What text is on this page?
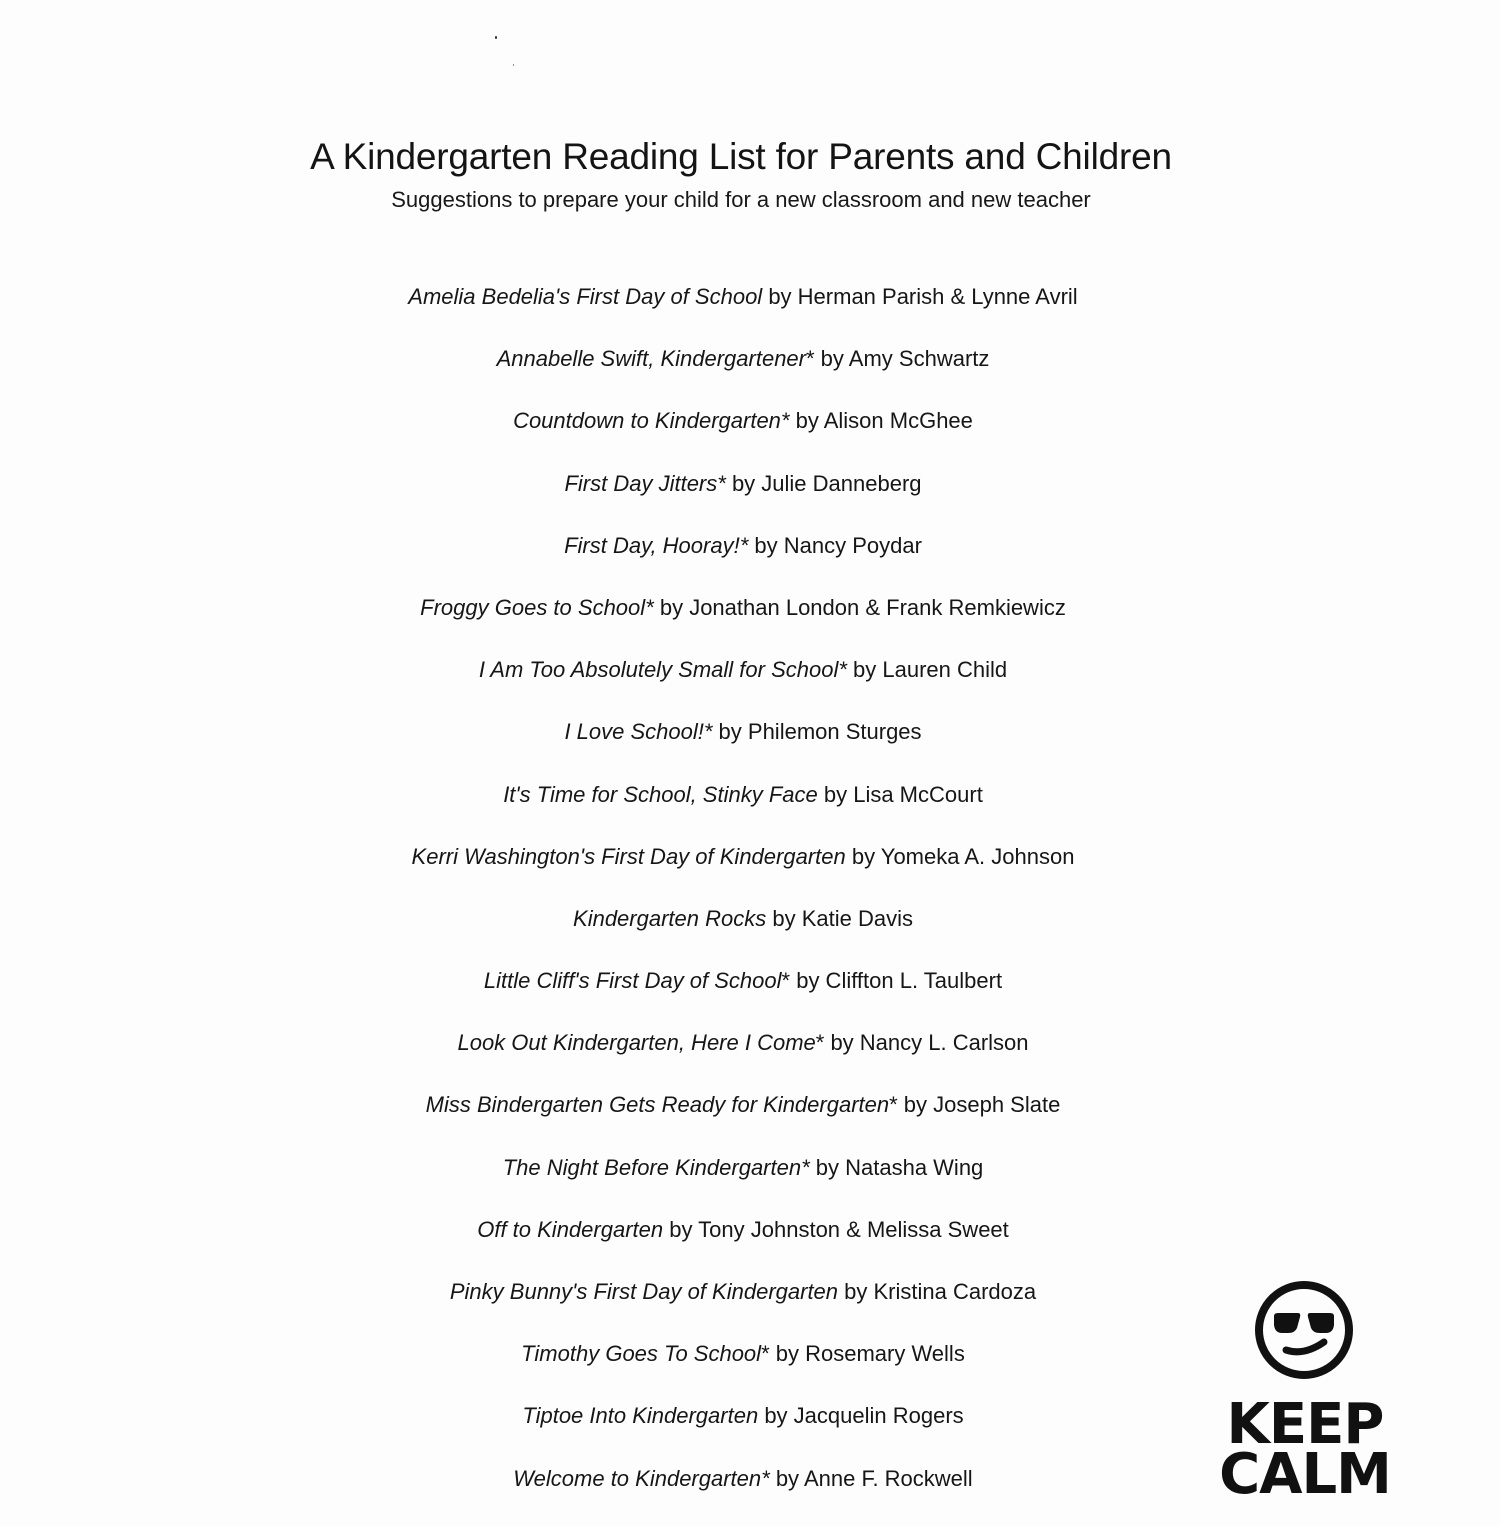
A Kindergarten Reading List for Parents and Children
Suggestions to prepare your child for a new classroom and new teacher
Amelia Bedelia's First Day of School by Herman Parish & Lynne Avril
Annabelle Swift, Kindergartener* by Amy Schwartz
Countdown to Kindergarten* by Alison McGhee
First Day Jitters* by Julie Danneberg
First Day, Hooray!* by Nancy Poydar
Froggy Goes to School* by Jonathan London & Frank Remkiewicz
I Am Too Absolutely Small for School* by Lauren Child
I Love School!* by Philemon Sturges
It's Time for School, Stinky Face by Lisa McCourt
Kerri Washington's First Day of Kindergarten by Yomeka A. Johnson
Kindergarten Rocks by Katie Davis
Little Cliff's First Day of School* by Cliffton L. Taulbert
Look Out Kindergarten, Here I Come* by Nancy L. Carlson
Miss Bindergarten Gets Ready for Kindergarten* by Joseph Slate
The Night Before Kindergarten* by Natasha Wing
Off to Kindergarten by Tony Johnston & Melissa Sweet
Pinky Bunny's First Day of Kindergarten by Kristina Cardoza
Timothy Goes To School* by Rosemary Wells
Tiptoe Into Kindergarten by Jacquelin Rogers
Welcome to Kindergarten* by Anne F. Rockwell
KEEP
CALM
